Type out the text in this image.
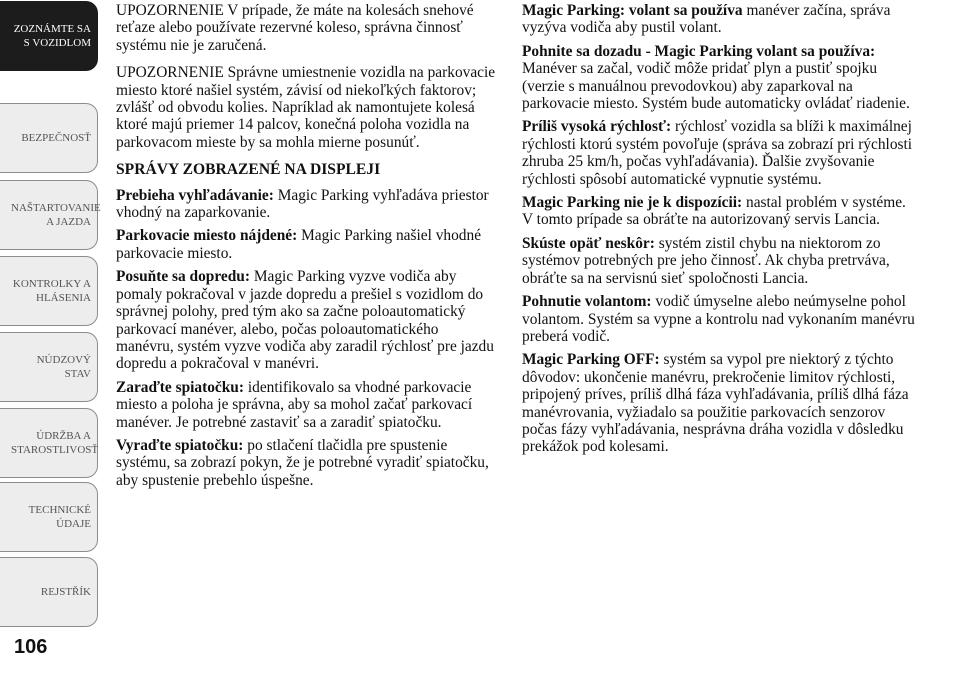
ZOZNÁMTE SA S VOZIDLOM
BEZPEČNOSŤ
NAŠTARTOVANIE A JAZDA
KONTROLKY A HLÁSENIA
NÚDZOVÝ STAV
ÚDRŽBA A STAROSTLIVOSŤ
TECHNICKÉ ÚDAJE
REJSTŘÍK
106

UPOZORNENIE V prípade, že máte na kolesách snehové reťaze alebo používate rezervné koleso, správna činnosť systému nie je zaručená.

UPOZORNENIE Správne umiestnenie vozidla na parkovacie miesto ktoré našiel systém, závisí od niekoľkých faktorov; zvlášť od obvodu kolies. Napríklad ak namontujete kolesá ktoré majú priemer 14 palcov, konečná poloha vozidla na parkovacom mieste by sa mohla mierne posunúť.

SPRÁVY ZOBRAZENÉ NA DISPLEJI

Prebieha vyhľadávanie: Magic Parking vyhľadáva priestor vhodný na zaparkovanie.

Parkovacie miesto nájdené: Magic Parking našiel vhodné parkovacie miesto.

Posuňte sa dopredu: Magic Parking vyzve vodiča aby pomaly pokračoval v jazde dopredu a prešiel s vozidlom do správnej polohy, pred tým ako sa začne poloautomatický parkovací manéver, alebo, počas poloautomatického manévru, systém vyzve vodiča aby zaradil rýchlosť pre jazdu dopredu a pokračoval v manévri.

Zaraďte spiatočku: identifikovalo sa vhodné parkovacie miesto a poloha je správna, aby sa mohol začať parkovací manéver. Je potrebné zastaviť sa a zaradiť spiatočku.

Vyraďte spiatočku: po stlačení tlačidla pre spustenie systému, sa zobrazí pokyn, že je potrebné vyradiť spiatočku, aby spustenie prebehlo úspešne.

Magic Parking: volant sa používa manéver začína, správa vyzýva vodiča aby pustil volant.

Pohnite sa dozadu - Magic Parking volant sa používa: Manéver sa začal, vodič môže pridať plyn a pustiť spojku (verzie s manuálnou prevodovkou) aby zaparkoval na parkovacie miesto. Systém bude automaticky ovládať riadenie.

Príliš vysoká rýchlosť: rýchlosť vozidla sa blíži k maximálnej rýchlosti ktorú systém povoľuje (správa sa zobrazí pri rýchlosti zhruba 25 km/h, počas vyhľadávania). Ďalšie zvyšovanie rýchlosti spôsobí automatické vypnutie systému.

Magic Parking nie je k dispozícii: nastal problém v systéme. V tomto prípade sa obráťte na autorizovaný servis Lancia.

Skúste opäť neskôr: systém zistil chybu na niektorom zo systémov potrebných pre jeho činnosť. Ak chyba pretrváva, obráťte sa na servisnú sieť spoločnosti Lancia.

Pohnutie volantom: vodič úmyselne alebo neúmyselne pohol volantom. Systém sa vypne a kontrolu nad vykonaním manévru preberá vodič.

Magic Parking OFF: systém sa vypol pre niektorý z týchto dôvodov: ukončenie manévru, prekročenie limitov rýchlosti, pripojený príves, príliš dlhá fáza vyhľadávania, príliš dlhá fáza manévrovania, vyžiadalo sa použitie parkovacích senzorov počas fázy vyhľadávania, nesprávna dráha vozidla v dôsledku prekážok pod kolesami.
